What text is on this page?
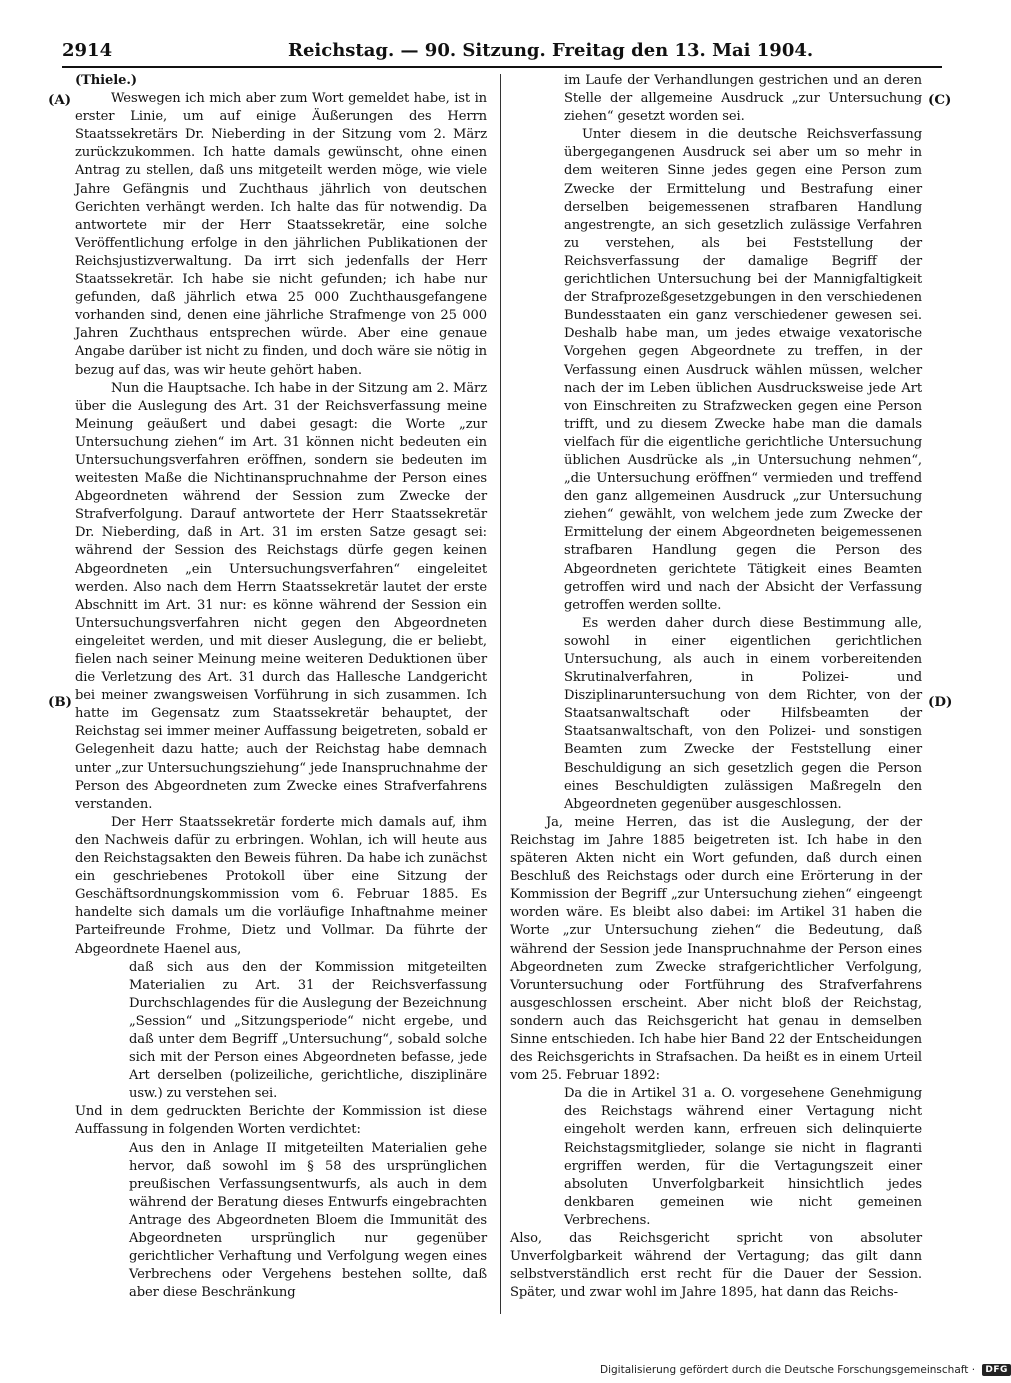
2914	Reichstag. — 90. Sitzung. Freitag den 13. Mai 1904.
(A)
(B)
(C)
(D)

(Thiele.)

Weswegen ich mich aber zum Wort gemeldet habe, ist in erster Linie, um auf einige Äußerungen des Herrn Staatssekretärs Dr. Nieberding in der Sitzung vom 2. März zurückzukommen. Ich hatte damals gewünscht, ohne einen Antrag zu stellen, daß uns mitgeteilt werden möge, wie viele Jahre Gefängnis und Zuchthaus jährlich von deutschen Gerichten verhängt werden. Ich halte das für notwendig. Da antwortete mir der Herr Staatssekretär, eine solche Veröffentlichung erfolge in den jährlichen Publikationen der Reichsjustizverwaltung. Da irrt sich jedenfalls der Herr Staatssekretär. Ich habe sie nicht gefunden; ich habe nur gefunden, daß jährlich etwa 25 000 Zuchthausgefangene vorhanden sind, denen eine jährliche Strafmenge von 25 000 Jahren Zuchthaus entsprechen würde. Aber eine genaue Angabe darüber ist nicht zu finden, und doch wäre sie nötig in bezug auf das, was wir heute gehört haben.

Nun die Hauptsache. Ich habe in der Sitzung am 2. März über die Auslegung des Art. 31 der Reichsverfassung meine Meinung geäußert und dabei gesagt: die Worte „zur Untersuchung ziehen“ im Art. 31 können nicht bedeuten ein Untersuchungsverfahren eröffnen, sondern sie bedeuten im weitesten Maße die Nichtinanspruchnahme der Person eines Abgeordneten während der Session zum Zwecke der Strafverfolgung. Darauf antwortete der Herr Staatssekretär Dr. Nieberding, daß in Art. 31 im ersten Satze gesagt sei: während der Session des Reichstags dürfe gegen keinen Abgeordneten „ein Untersuchungsverfahren“ eingeleitet werden. Also nach dem Herrn Staatssekretär lautet der erste Abschnitt im Art. 31 nur: es könne während der Session ein Untersuchungsverfahren nicht gegen den Abgeordneten eingeleitet werden, und mit dieser Auslegung, die er beliebt, fielen nach seiner Meinung meine weiteren Deduktionen über die Verletzung des Art. 31 durch das Hallesche Landgericht bei meiner zwangsweisen Vorführung in sich zusammen. Ich hatte im Gegensatz zum Staatssekretär behauptet, der Reichstag sei immer meiner Auffassung beigetreten, sobald er Gelegenheit dazu hatte; auch der Reichstag habe demnach unter „zur Untersuchungsziehung“ jede Inanspruchnahme der Person des Abgeordneten zum Zwecke eines Strafverfahrens verstanden.

Der Herr Staatssekretär forderte mich damals auf, ihm den Nachweis dafür zu erbringen. Wohlan, ich will heute aus den Reichstagsakten den Beweis führen. Da habe ich zunächst ein geschriebenes Protokoll über eine Sitzung der Geschäftsordnungskommission vom 6. Februar 1885. Es handelte sich damals um die vorläufige Inhaftnahme meiner Parteifreunde Frohme, Dietz und Vollmar. Da führte der Abgeordnete Haenel aus,

daß sich aus den der Kommission mitgeteilten Materialien zu Art. 31 der Reichsverfassung Durchschlagendes für die Auslegung der Bezeichnung „Session“ und „Sitzungsperiode“ nicht ergebe, und daß unter dem Begriff „Untersuchung“, sobald solche sich mit der Person eines Abgeordneten befasse, jede Art derselben (polizeiliche, gerichtliche, disziplinäre usw.) zu verstehen sei.

Und in dem gedruckten Berichte der Kommission ist diese Auffassung in folgenden Worten verdichtet:

Aus den in Anlage II mitgeteilten Materialien gehe hervor, daß sowohl im § 58 des ursprünglichen preußischen Verfassungsentwurfs, als auch in dem während der Beratung dieses Entwurfs eingebrachten Antrage des Abgeordneten Bloem die Immunität des Abgeordneten ursprünglich nur gegenüber gerichtlicher Verhaftung und Verfolgung wegen eines Verbrechens oder Vergehens bestehen sollte, daß aber diese Beschränkung

im Laufe der Verhandlungen gestrichen und an deren Stelle der allgemeine Ausdruck „zur Untersuchung ziehen“ gesetzt worden sei.

Unter diesem in die deutsche Reichsverfassung übergegangenen Ausdruck sei aber um so mehr in dem weiteren Sinne jedes gegen eine Person zum Zwecke der Ermittelung und Bestrafung einer derselben beigemessenen strafbaren Handlung angestrengte, an sich gesetzlich zulässige Verfahren zu verstehen, als bei Feststellung der Reichsverfassung der damalige Begriff der gerichtlichen Untersuchung bei der Mannigfaltigkeit der Strafprozeßgesetzgebungen in den verschiedenen Bundesstaaten ein ganz verschiedener gewesen sei. Deshalb habe man, um jedes etwaige vexatorische Vorgehen gegen Abgeordnete zu treffen, in der Verfassung einen Ausdruck wählen müssen, welcher nach der im Leben üblichen Ausdrucksweise jede Art von Einschreiten zu Strafzwecken gegen eine Person trifft, und zu diesem Zwecke habe man die damals vielfach für die eigentliche gerichtliche Untersuchung üblichen Ausdrücke als „in Untersuchung nehmen“, „die Untersuchung eröffnen“ vermieden und treffend den ganz allgemeinen Ausdruck „zur Untersuchung ziehen“ gewählt, von welchem jede zum Zwecke der Ermittelung der einem Abgeordneten beigemessenen strafbaren Handlung gegen die Person des Abgeordneten gerichtete Tätigkeit eines Beamten getroffen wird und nach der Absicht der Verfassung getroffen werden sollte.

Es werden daher durch diese Bestimmung alle, sowohl in einer eigentlichen gerichtlichen Untersuchung, als auch in einem vorbereitenden Skrutinalverfahren, in Polizei- und Disziplinaruntersuchung von dem Richter, von der Staatsanwaltschaft oder Hilfsbeamten der Staatsanwaltschaft, von den Polizei- und sonstigen Beamten zum Zwecke der Feststellung einer Beschuldigung an sich gesetzlich gegen die Person eines Beschuldigten zulässigen Maßregeln den Abgeordneten gegenüber ausgeschlossen.

Ja, meine Herren, das ist die Auslegung, der der Reichstag im Jahre 1885 beigetreten ist. Ich habe in den späteren Akten nicht ein Wort gefunden, daß durch einen Beschluß des Reichstags oder durch eine Erörterung in der Kommission der Begriff „zur Untersuchung ziehen“ eingeengt worden wäre. Es bleibt also dabei: im Artikel 31 haben die Worte „zur Untersuchung ziehen“ die Bedeutung, daß während der Session jede Inanspruchnahme der Person eines Abgeordneten zum Zwecke strafgerichtlicher Verfolgung, Voruntersuchung oder Fortführung des Strafverfahrens ausgeschlossen erscheint. Aber nicht bloß der Reichstag, sondern auch das Reichsgericht hat genau in demselben Sinne entschieden. Ich habe hier Band 22 der Entscheidungen des Reichsgerichts in Strafsachen. Da heißt es in einem Urteil vom 25. Februar 1892:

Da die in Artikel 31 a. O. vorgesehene Genehmigung des Reichstags während einer Vertagung nicht eingeholt werden kann, erfreuen sich delinquierte Reichstagsmitglieder, solange sie nicht in flagranti ergriffen werden, für die Vertagungszeit einer absoluten Unverfolgbarkeit hinsichtlich jedes denkbaren gemeinen wie nicht gemeinen Verbrechens.

Also, das Reichsgericht spricht von absoluter Unverfolgbarkeit während der Vertagung; das gilt dann selbstverständlich erst recht für die Dauer der Session. Später, und zwar wohl im Jahre 1895, hat dann das Reichs-

Digitalisierung gefördert durch die Deutsche Forschungsgemeinschaft · DFG
